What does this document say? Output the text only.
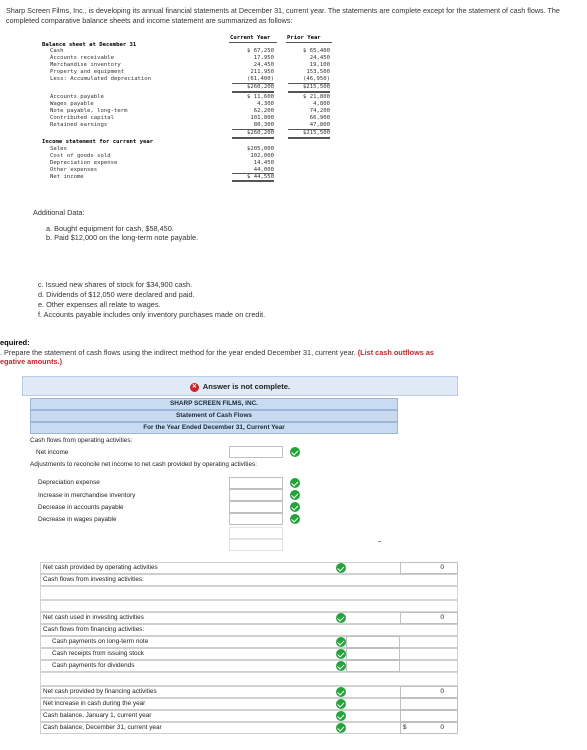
Sharp Screen Films, Inc., is developing its annual financial statements at December 31, current year. The statements are complete except for the statement of cash flows. The completed comparative balance sheets and income statement are summarized as follows:
Current Year	Prior Year
Balance sheet at December 31
Cash	$ 67,250	$ 65,400
Accounts receivable	17,950	24,450
Merchandise inventory	24,450	19,100
Property and equipment	211,950	153,500
Less: Accumulated depreciation	(61,400)	(46,950)
$260,200	$215,500
Accounts payable	$ 11,600	$ 21,800
Wages payable	4,300	4,800
Note payable, long-term	62,200	74,200
Contributed capital	101,800	66,900
Retained earnings	80,300	47,800
$260,200	$215,500
Income statement for current year
Sales	$205,000
Cost of goods sold	102,000
Depreciation expense	14,450
Other expenses	44,000
Net income	$ 44,550
Additional Data:
a. Bought equipment for cash, $58,450.
b. Paid $12,000 on the long-term note payable.
c. Issued new shares of stock for $34,900 cash.
d. Dividends of $12,050 were declared and paid.
e. Other expenses all relate to wages.
f. Accounts payable includes only inventory purchases made on credit.
equired:
. Prepare the statement of cash flows using the indirect method for the year ended December 31, current year. (List cash outflows as
egative amounts.)
✕ Answer is not complete.
SHARP SCREEN FILMS, INC.
Statement of Cash Flows
For the Year Ended December 31, Current Year
Cash flows from operating activities:
Net income
Adjustments to reconcile net income to net cash provided by operating activities:
Depreciation expense
Increase in merchandise inventory
Decrease in accounts payable
Decrease in wages payable
Net cash provided by operating activities	0
Cash flows from investing activities:
Net cash used in investing activities	0
Cash flows from financing activities:
Cash payments on long-term note
Cash receipts from issuing stock
Cash payments for dividends
Net cash provided by financing activities	0
Net increase in cash during the year
Cash balance, January 1, current year
Cash balance, December 31, current year	$	0
